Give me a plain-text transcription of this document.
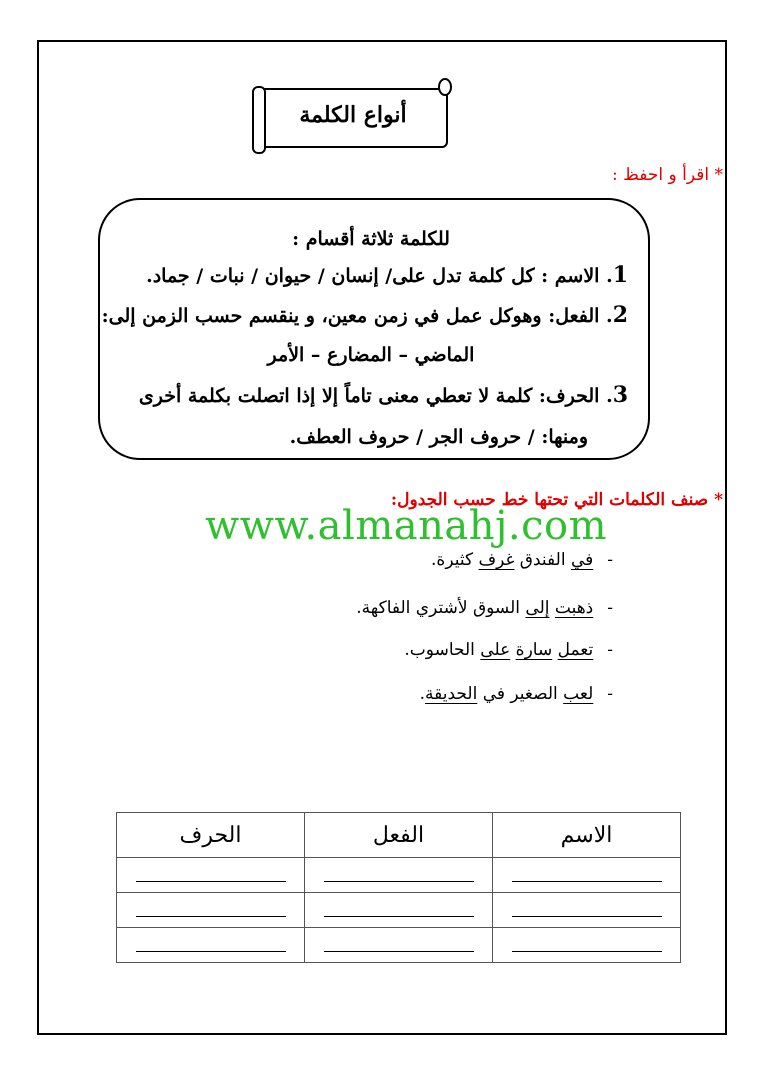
أنواع الكلمة
* اقرأ و احفظ :
للكلمة ثلاثة أقسام :
1. الاسم : كل كلمة تدل على/ إنسان / حيوان / نبات / جماد.
2. الفعل: وهوكل عمل في زمن معين، و ينقسم حسب الزمن إلى:
الماضي – المضارع – الأمر
3. الحرف: كلمة لا تعطي معنى تاماً إلا إذا اتصلت بكلمة أخرى
ومنها: / حروف الجر / حروف العطف.
* صنف الكلمات التي تحتها خط حسب الجدول:
www.almanahj.com
-في الفندق غرف كثيرة.
-ذهبت إلى السوق لأشتري الفاكهة.
-تعمل سارة على الحاسوب.
-لعب الصغير في الحديقة.
الاسم	الفعل	الحرف
